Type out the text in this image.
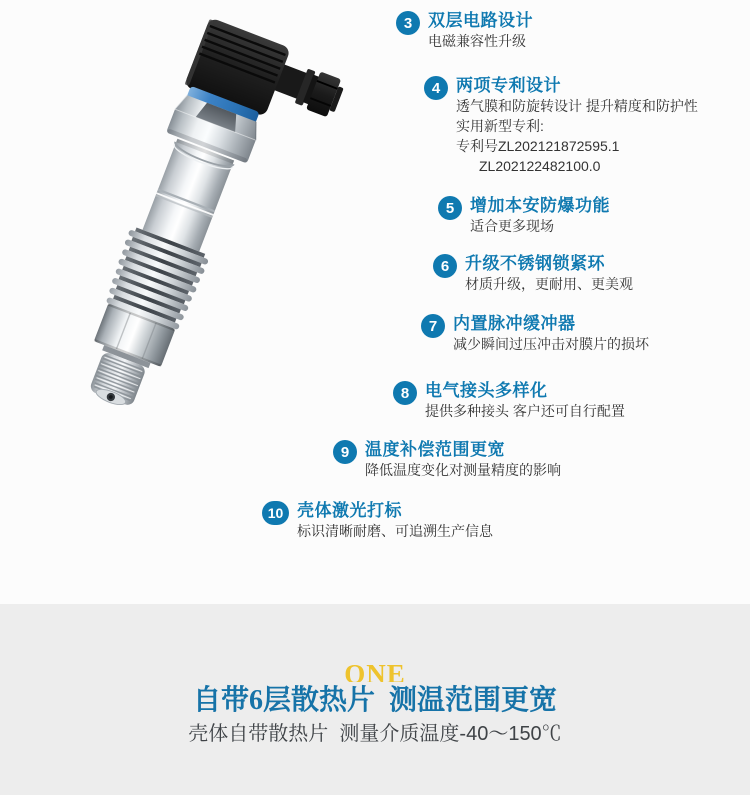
3 双层电路设计

电磁兼容性升级

4 两项专利设计

透气膜和防旋转设计 提升精度和防护性

实用新型专利:

专利号ZL202121872595.1

ZL202122482100.0

5 增加本安防爆功能

适合更多现场

6 升级不锈钢锁紧环

材质升级，更耐用、更美观

7 内置脉冲缓冲器

减少瞬间过压冲击对膜片的损坏

8 电气接头多样化

提供多种接头 客户还可自行配置

9 温度补偿范围更宽

降低温度变化对测量精度的影响

10 壳体激光打标

标识清晰耐磨、可追溯生产信息

ONE
自带6层散热片  测温范围更宽
壳体自带散热片  测量介质温度-40～150℃
